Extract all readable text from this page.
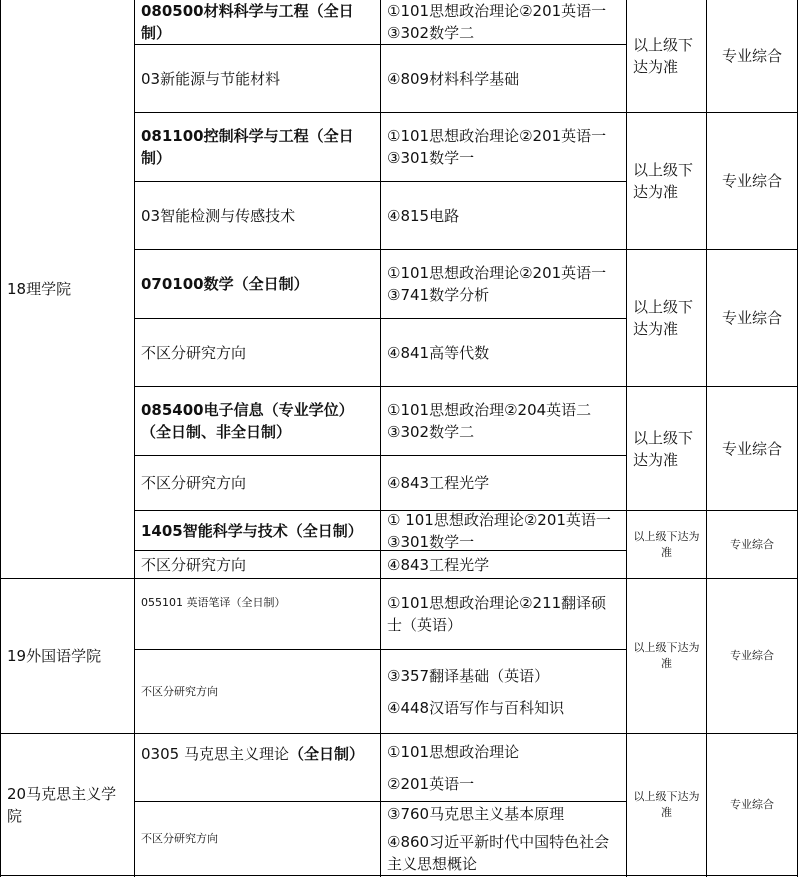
18理学院
19外国语学院
20马克思主义学院
080500材料科学与工程（全日制）
03新能源与节能材料
①101思想政治理论②201英语一③302数学二
④809材料科学基础
以上级下达为准
专业综合
081100控制科学与工程（全日制）
03智能检测与传感技术
①101思想政治理论②201英语一③301数学一
④815电路
以上级下达为准
专业综合
070100数学（全日制）
不区分研究方向
①101思想政治理论②201英语一③741数学分析
④841高等代数
以上级下达为准
专业综合
085400电子信息（专业学位）（全日制、非全日制）
不区分研究方向
①101思想政治理②204英语二③302数学二
④843工程光学
以上级下达为准
专业综合
1405智能科学与技术（全日制）
不区分研究方向
① 101思想政治理论②201英语一③301数学一
④843工程光学
以上级下达为准
专业综合
055101 英语笔译（全日制）
不区分研究方向
①101思想政治理论②211翻译硕士（英语）
③357翻译基础（英语）
④448汉语写作与百科知识
以上级下达为准
专业综合
0305 马克思主义理论（全日制）
不区分研究方向
①101思想政治理论
②201英语一
③760马克思主义基本原理
④860习近平新时代中国特色社会主义思想概论
以上级下达为准
专业综合
